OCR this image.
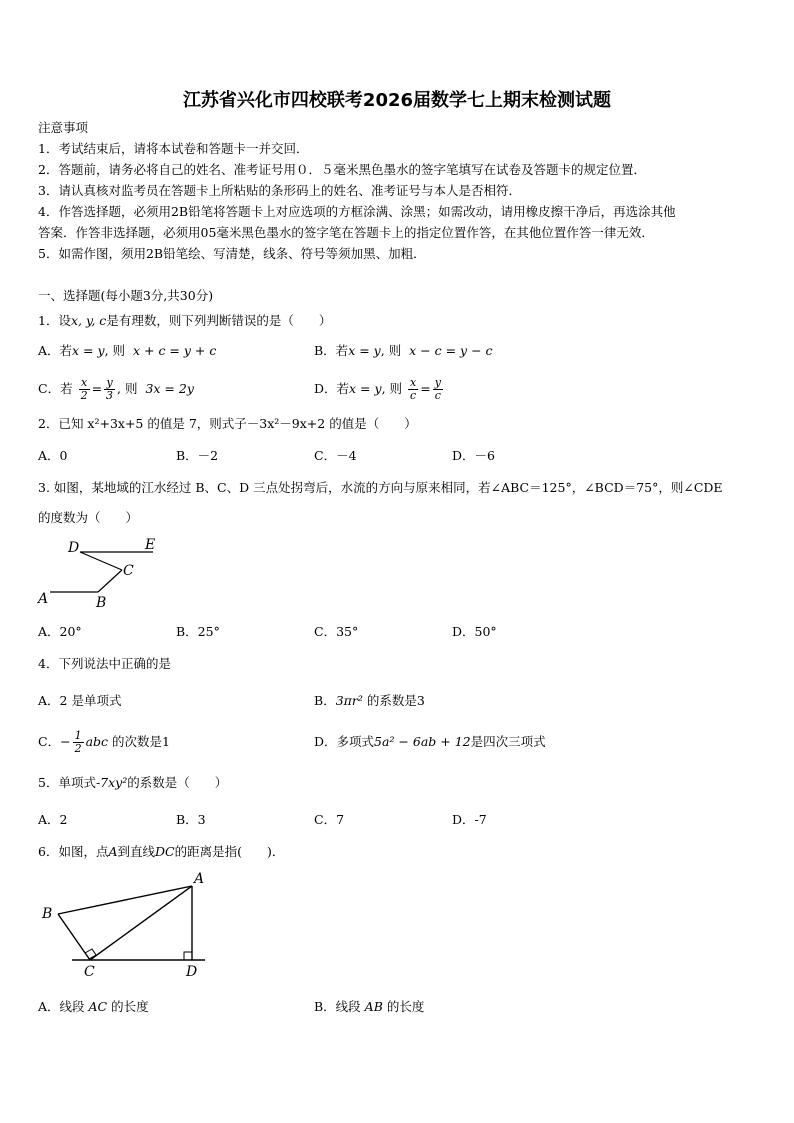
江苏省兴化市四校联考2026届数学七上期末检测试题
注意事项
1．考试结束后，请将本试卷和答题卡一并交回．
2．答题前，请务必将自己的姓名、准考证号用０．５毫米黑色墨水的签字笔填写在试卷及答题卡的规定位置．
3．请认真核对监考员在答题卡上所粘贴的条形码上的姓名、准考证号与本人是否相符．
4．作答选择题，必须用2B铅笔将答题卡上对应选项的方框涂满、涂黑；如需改动，请用橡皮擦干净后，再选涂其他
答案．作答非选择题，必须用05毫米黑色墨水的签字笔在答题卡上的指定位置作答，在其他位置作答一律无效．
5．如需作图，须用2B铅笔绘、写清楚，线条、符号等须加黑、加粗．
一、选择题(每小题3分,共30分)
1．设x, y, c是有理数，则下列判断错误的是（　　）
A．若x = y, 则 x + c = y + c	B．若x = y, 则 x − c = y − c
C．若 $\frac{x}{2} = \frac{y}{3}$ , 则 3x = 2y	D．若x = y, 则 $\frac{x}{c} = \frac{y}{c}$
2．已知 x²+3x+5 的值是 7，则式子－3x²－9x+2 的值是（　　）
A．0	B．－2	C．－4	D．－6
3. 如图，某地域的江水经过 B、C、D 三点处拐弯后，水流的方向与原来相同，若∠ABC＝125°，∠BCD＝75°，则∠CDE
的度数为（　　）
D	E
C
A	B
A．20°	B．25°	C．35°	D．50°
4．下列说法中正确的是
A．2 是单项式	B．3πr² 的系数是3
C．− $\frac{1}{2}$ abc 的次数是1	D．多项式5a² − 6ab + 12是四次三项式
5．单项式-7xy²的系数是（　　）
A．2	B．3	C．7	D．-7
6．如图，点A到直线DC的距离是指(　　)．
A
B
C	D
A．线段 AC 的长度	B．线段 AB 的长度
